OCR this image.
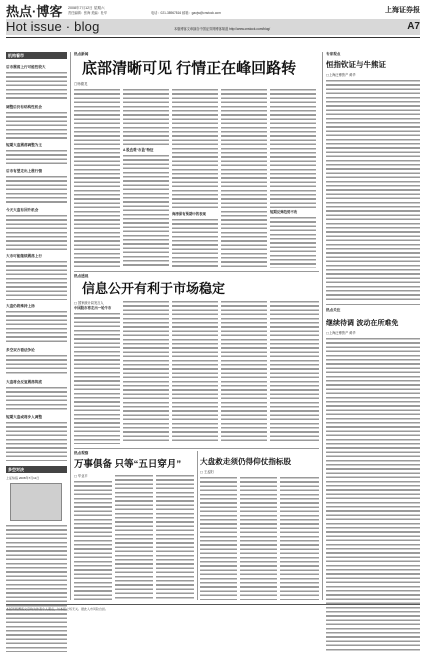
热点·博客 2008年7月12日 星期六
责任编辑：张海 美编：杜华	电话：021-38967816 邮箱：gaojw@cnstock.com	上海证券报
Hot issue · blog	本版博客文章摘自中国证券网博客频道 http://www.cnstock.com/blog/	A7
机构看市
后市震荡上行可能性较大
调整后仍有结构性机会
短期大盘震荡调整为主
后市有望走出上涨行情
今天大盘有回升机会
大市可能继续震荡上行
大盘仍将维持上扬
多空双方看法争论
大盘将会反复震荡筑底
短期大盘或将步入调整
多空对决
上证综指 2008年7月11日
热点新闻
底部清晰可见 行情正在峰回路转
□杨德龙
A 股直观“市盈”特征
海津保有预期中的表现	短期反弹趋势不改
专家观点
恒指钦证与牛熊证
□上海泛博资产 黄华
热点关注
继续待调 波动在所难免
□上海泛博资产 黄华
热点透视
信息公开有利于市场稳定
□ 国家统计局发言人
中国股市将走出一轮牛市
热点观察
万事俱备 只等“五日穿月”
□ 华业平
大盘救走须仍得仰仗指标股
□ 王孟阳
本版所载博客文章均为作者个人观点，与本报立场无关。据此入市风险自担。
